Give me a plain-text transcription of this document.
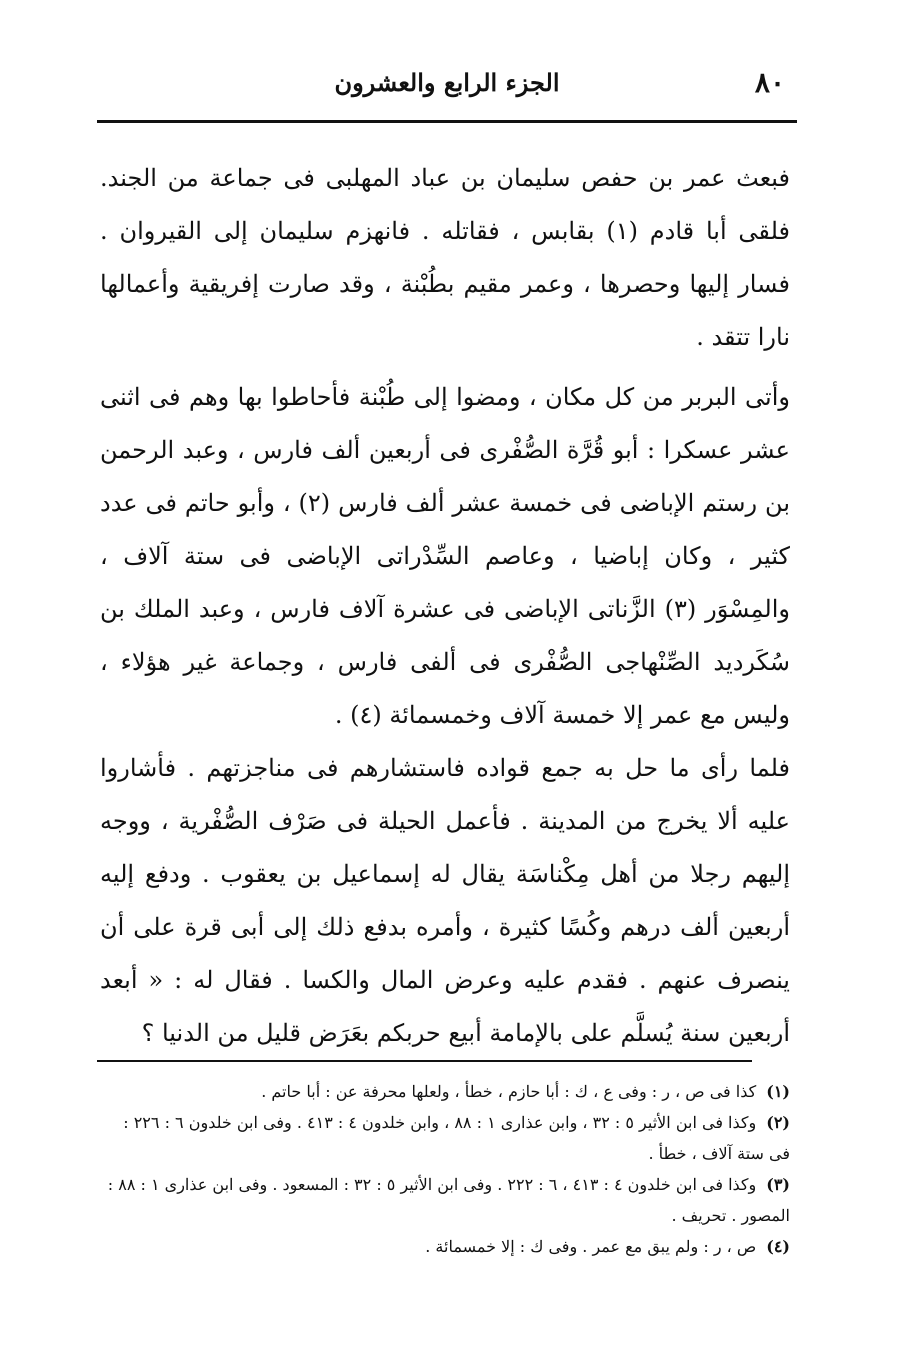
٨٠
الجزء الرابع والعشرون

فبعث عمر بن حفص سليمان بن عباد المهلبى فى جماعة من الجند. فلقى أبا قادم (١) بقابس ، فقاتله . فانهزم سليمان إلى القيروان . فسار إليها وحصرها ، وعمر مقيم بطُبْنة ، وقد صارت إفريقية وأعمالها نارا تتقد .

وأتى البربر من كل مكان ، ومضوا إلى طُبْنة فأحاطوا بها وهم فى اثنى عشر عسكرا : أبو قُرَّة الصُّفْرى فى أربعين ألف فارس ، وعبد الرحمن بن رستم الإباضى فى خمسة عشر ألف فارس (٢) ، وأبو حاتم فى عدد كثير ، وكان إباضيا ، وعاصم السِّدْراتى الإباضى فى ستة آلاف ، والمِسْوَر (٣) الزَّناتى الإباضى فى عشرة آلاف فارس ، وعبد الملك بن سُكَرديد الصِّنْهاجى الصُّفْرى فى ألفى فارس ، وجماعة غير هؤلاء ، وليس مع عمر إلا خمسة آلاف وخمسمائة (٤) .

فلما رأى ما حل به جمع قواده فاستشارهم فى مناجزتهم . فأشاروا عليه ألا يخرج من المدينة . فأعمل الحيلة فى صَرْف الصُّفْرية ، ووجه إليهم رجلا من أهل مِكْناسَة يقال له إسماعيل بن يعقوب . ودفع إليه أربعين ألف درهم وكُسًا كثيرة ، وأمره بدفع ذلك إلى أبى قرة على أن ينصرف عنهم . فقدم عليه وعرض المال والكسا . فقال له : « أبعد أربعين سنة يُسلَّم على بالإمامة أبيع حربكم بعَرَض قليل من الدنيا ؟

(١)كذا فى ص ، ر : وفى ع ، ك : أبا حازم ، خطأ ، ولعلها محرفة عن : أبا حاتم .

(٢)وكذا فى ابن الأثير ٥ : ٣٢ ، وابن عذارى ١ : ٨٨ ، وابن خلدون ٤ : ٤١٣ . وفى ابن خلدون ٦ : ٢٢٦ : فى ستة آلاف ، خطأ .

(٣)وكذا فى ابن خلدون ٤ : ٤١٣ ، ٦ : ٢٢٢ . وفى ابن الأثير ٥ : ٣٢ : المسعود . وفى ابن عذارى ١ : ٨٨ : المصور . تحريف .

(٤)ص ، ر : ولم يبق مع عمر . وفى ك : إلا خمسمائة .
